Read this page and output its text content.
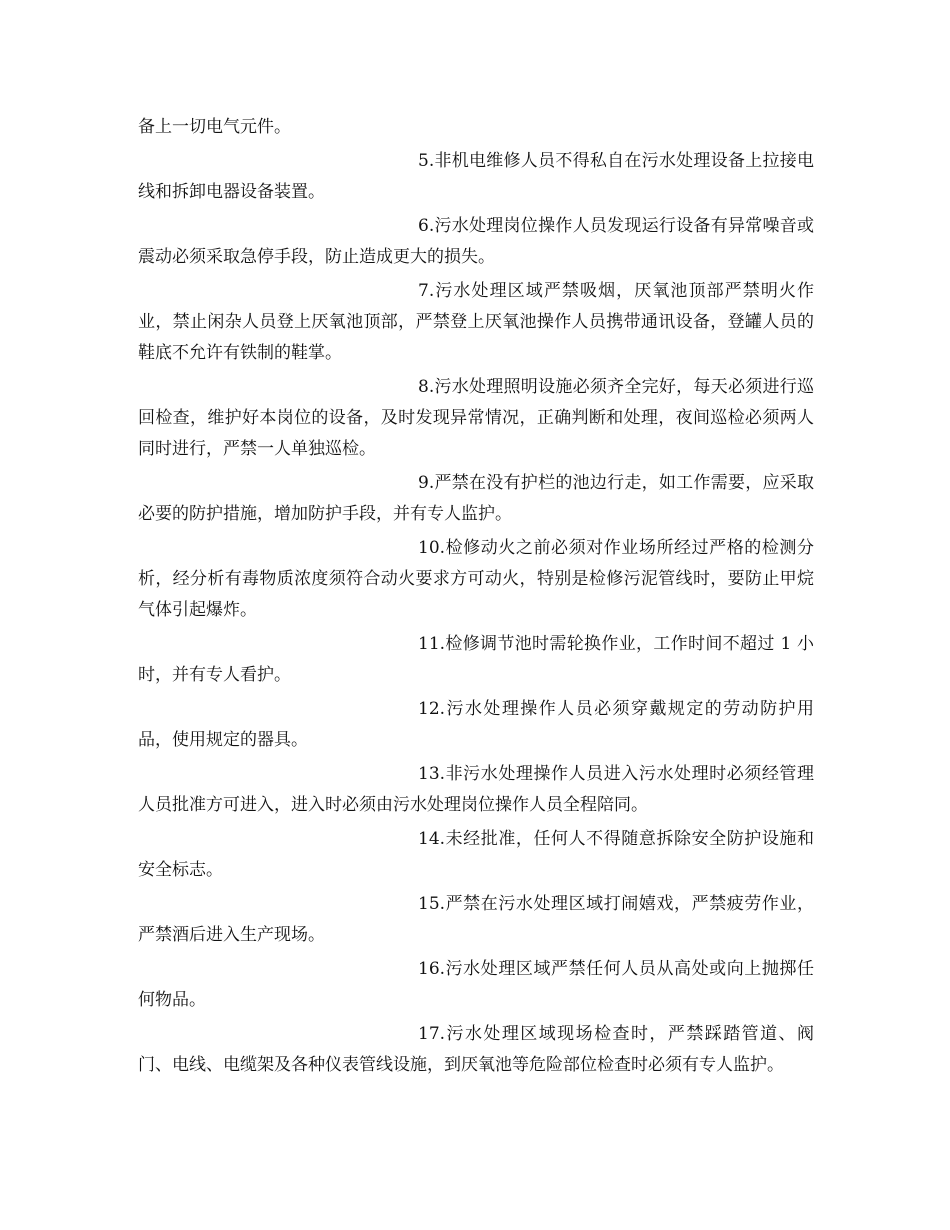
备上一切电气元件。

5.非机电维修人员不得私自在污水处理设备上拉接电线和拆卸电器设备装置。

6.污水处理岗位操作人员发现运行设备有异常噪音或震动必须采取急停手段，防止造成更大的损失。

7.污水处理区域严禁吸烟，厌氧池顶部严禁明火作业，禁止闲杂人员登上厌氧池顶部，严禁登上厌氧池操作人员携带通讯设备，登罐人员的鞋底不允许有铁制的鞋掌。

8.污水处理照明设施必须齐全完好，每天必须进行巡回检查，维护好本岗位的设备，及时发现异常情况，正确判断和处理，夜间巡检必须两人同时进行，严禁一人单独巡检。

9.严禁在没有护栏的池边行走，如工作需要，应采取必要的防护措施，增加防护手段，并有专人监护。

10.检修动火之前必须对作业场所经过严格的检测分析，经分析有毒物质浓度须符合动火要求方可动火，特别是检修污泥管线时，要防止甲烷气体引起爆炸。

11.检修调节池时需轮换作业，工作时间不超过 1 小时，并有专人看护。

12.污水处理操作人员必须穿戴规定的劳动防护用品，使用规定的器具。

13.非污水处理操作人员进入污水处理时必须经管理人员批准方可进入，进入时必须由污水处理岗位操作人员全程陪同。

14.未经批准，任何人不得随意拆除安全防护设施和安全标志。

15.严禁在污水处理区域打闹嬉戏，严禁疲劳作业，严禁酒后进入生产现场。

16.污水处理区域严禁任何人员从高处或向上抛掷任何物品。

17.污水处理区域现场检查时，严禁踩踏管道、阀门、电线、电缆架及各种仪表管线设施，到厌氧池等危险部位检查时必须有专人监护。
